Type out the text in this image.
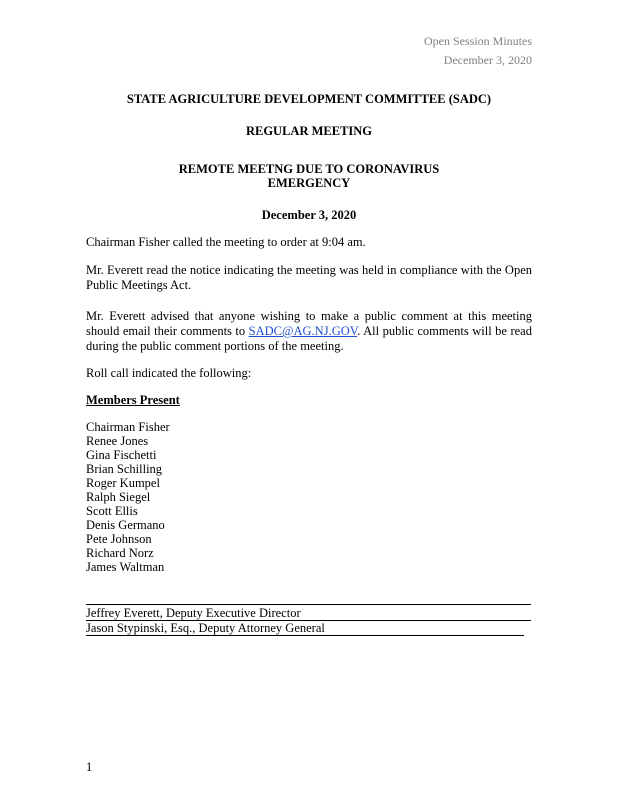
Open Session Minutes
December 3, 2020
STATE AGRICULTURE DEVELOPMENT COMMITTEE (SADC)
REGULAR MEETING
REMOTE MEETNG DUE TO CORONAVIRUS
EMERGENCY
December 3, 2020
Chairman Fisher called the meeting to order at 9:04 am.
Mr. Everett read the notice indicating the meeting was held in compliance with the Open Public Meetings Act.
Mr. Everett advised that anyone wishing to make a public comment at this meeting should email their comments to SADC@AG.NJ.GOV. All public comments will be read during the public comment portions of the meeting.
Roll call indicated the following:
Members Present
Chairman Fisher
Renee Jones
Gina Fischetti
Brian Schilling
Roger Kumpel
Ralph Siegel
Scott Ellis
Denis Germano
Pete Johnson
Richard Norz
James Waltman
Jeffrey Everett, Deputy Executive Director
Jason Stypinski, Esq., Deputy Attorney General
1
